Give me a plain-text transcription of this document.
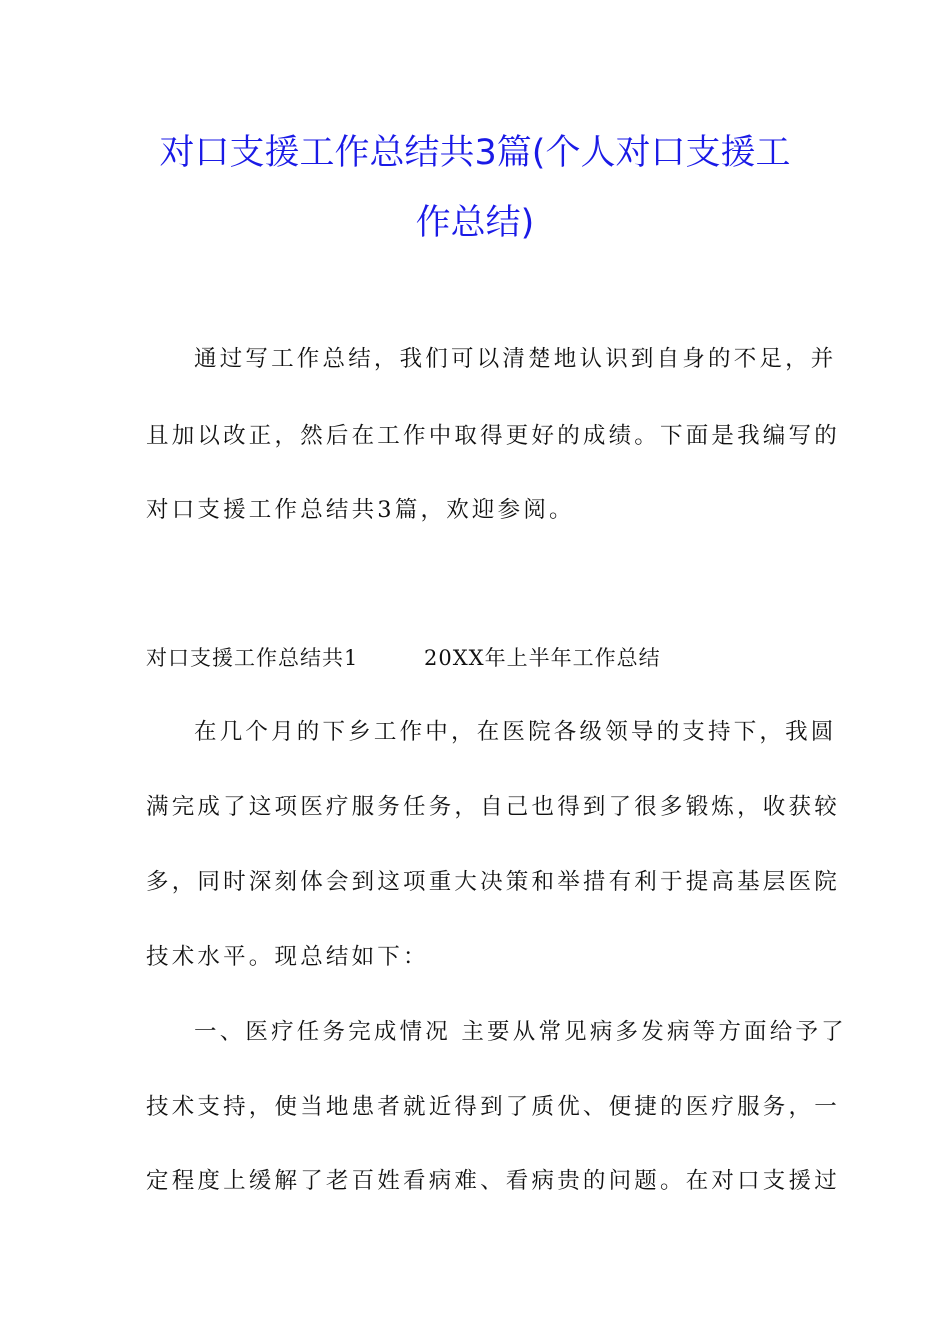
对口支援工作总结共3篇(个人对口支援工
作总结)
通过写工作总结，我们可以清楚地认识到自身的不足，并
且加以改正，然后在工作中取得更好的成绩。下面是我编写的
对口支援工作总结共3篇，欢迎参阅。
对口支援工作总结共1	20XX年上半年工作总结
在几个月的下乡工作中，在医院各级领导的支持下，我圆
满完成了这项医疗服务任务，自己也得到了很多锻炼，收获较
多，同时深刻体会到这项重大决策和举措有利于提高基层医院
技术水平。现总结如下：
一、医疗任务完成情况 主要从常见病多发病等方面给予了
技术支持，使当地患者就近得到了质优、便捷的医疗服务，一
定程度上缓解了老百姓看病难、看病贵的问题。在对口支援过
